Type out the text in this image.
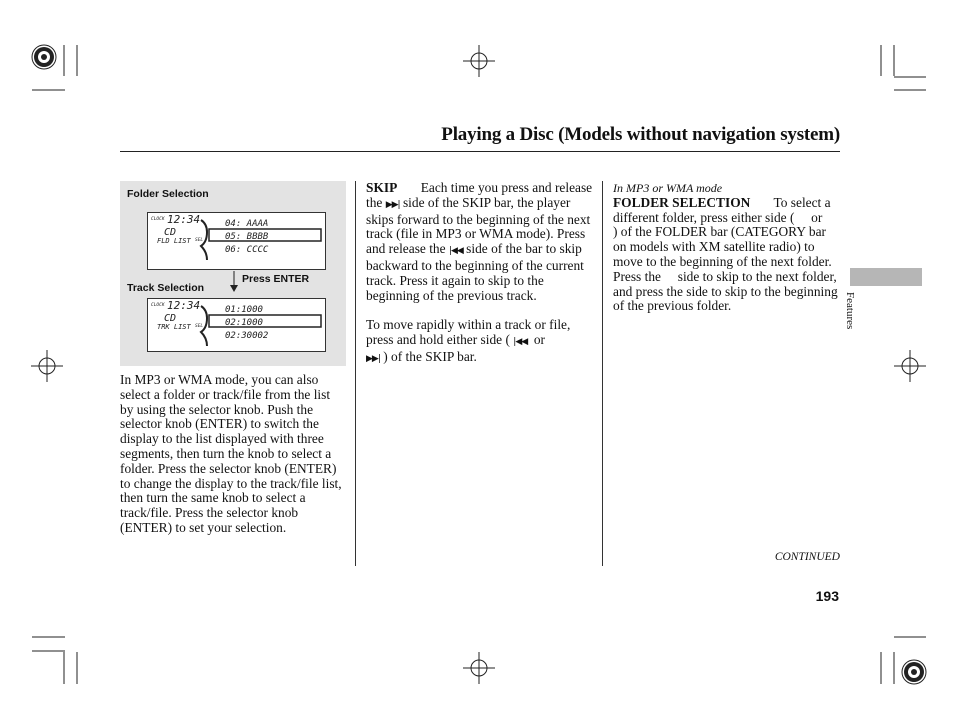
Playing a Disc (Models without navigation system)
Folder Selection
CLOCK 12:34
CD
FLD LIST SEL
04: AAAA
05: BBBB
06: CCCC
Press ENTER
Track Selection
CLOCK 12:34
CD
TRK LIST SEL
01:1000
02:1000
02:30002

In MP3 or WMA mode, you can also select a folder or track/file from the list by using the selector knob. Push the selector knob (ENTER) to switch the display to the list displayed with three segments, then turn the knob to select a folder. Press the selector knob (ENTER) to change the display to the track/file list, then turn the same knob to select a track/file. Press the selector knob (ENTER) to set your selection.

SKIP Each time you press and release the ▶▶| side of the SKIP bar, the player skips forward to the beginning of the next track (file in MP3 or WMA mode). Press and release the |◀◀ side of the bar to skip backward to the beginning of the current track. Press it again to skip to the beginning of the previous track.

To move rapidly within a track or file, press and hold either side ( |◀◀ or
▶▶| ) of the SKIP bar.

In MP3 or WMA mode

FOLDER SELECTION To select a different folder, press either side ( or     ) of the FOLDER bar (CATEGORY bar on models with XM satellite radio) to move to the beginning of the next folder. Press the side to skip to the next folder, and press the side to skip to the beginning of the previous folder.	Features
CONTINUED
193
